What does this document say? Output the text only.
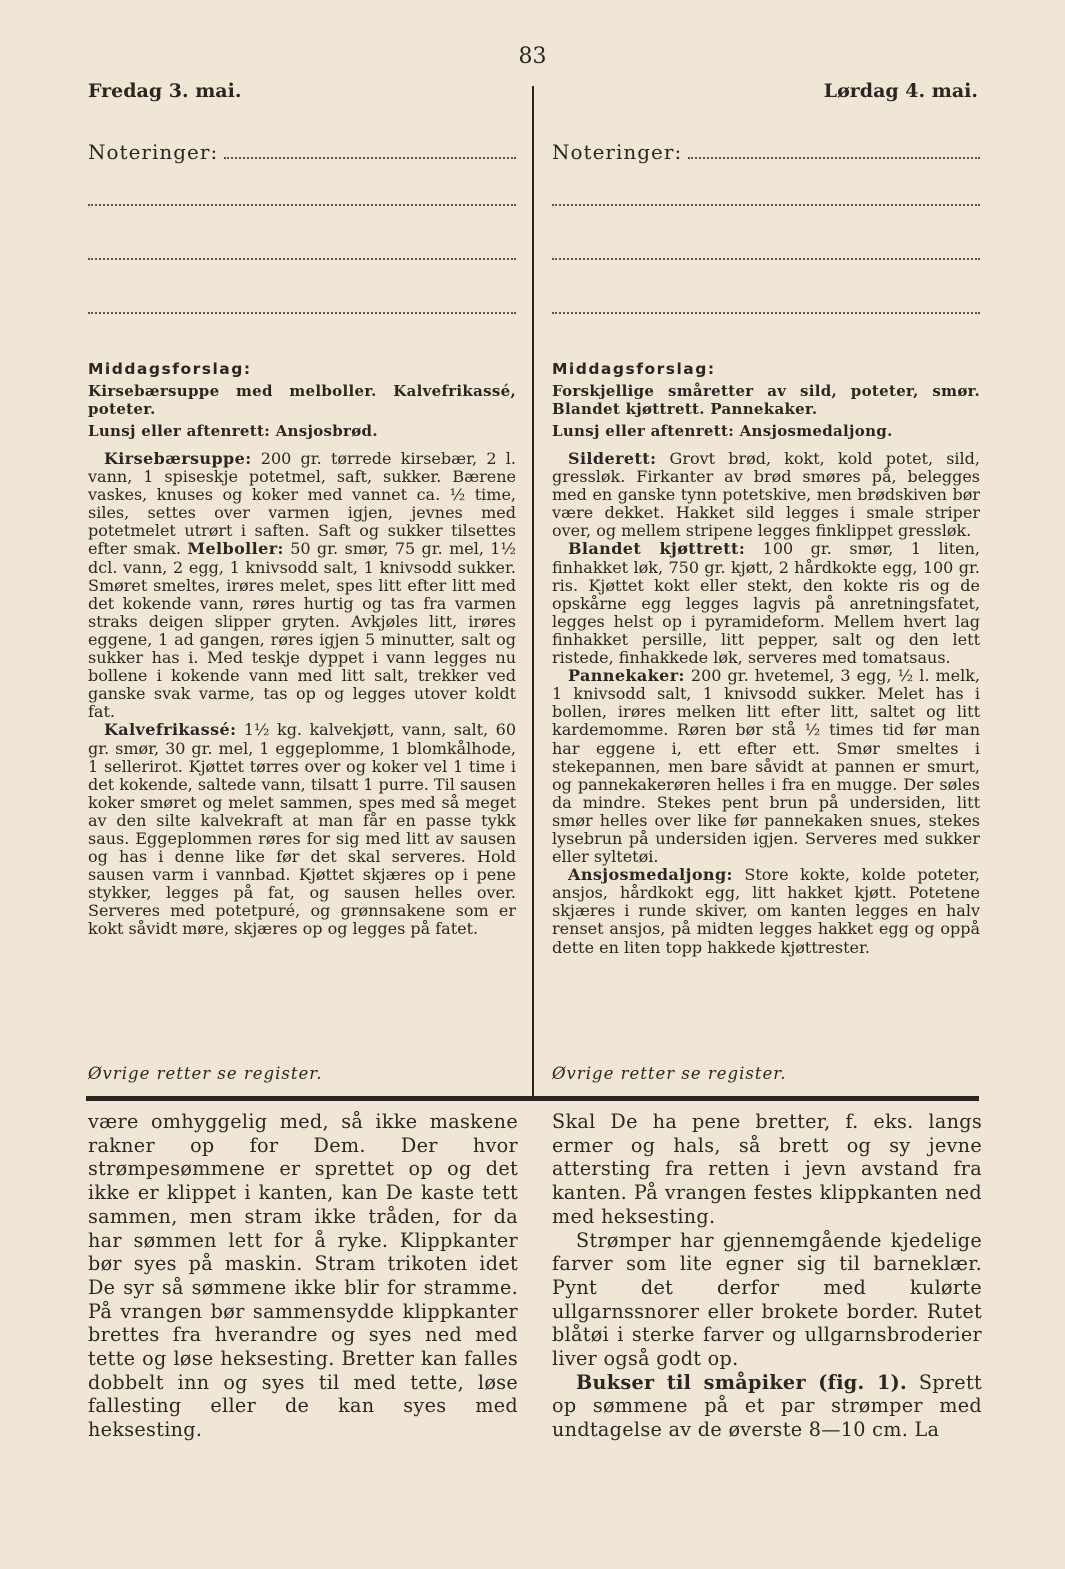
83
Fredag 3. mai.	Lørdag 4. mai.
Noteringer:
Middagsforslag:
Kirsebærsuppe med melboller. Kalvefrikassé, poteter.
Lunsj eller aftenrett: Ansjosbrød.

Kirsebærsuppe: 200 gr. tørrede kirsebær, 2 l. vann, 1 spiseskje potetmel, saft, sukker. Bærene vaskes, knuses og koker med vannet ca. ½ time, siles, settes over varmen igjen, jevnes med potetmelet utrørt i saften. Saft og sukker tilsettes efter smak. Melboller: 50 gr. smør, 75 gr. mel, 1½ dcl. vann, 2 egg, 1 knivsodd salt, 1 knivsodd sukker. Smøret smeltes, irøres melet, spes litt efter litt med det kokende vann, røres hurtig og tas fra varmen straks deigen slipper gryten. Avkjøles litt, irøres eggene, 1 ad gangen, røres igjen 5 minutter, salt og sukker has i. Med teskje dyppet i vann legges nu bollene i kokende vann med litt salt, trekker ved ganske svak varme, tas op og legges utover koldt fat.

Kalvefrikassé: 1½ kg. kalvekjøtt, vann, salt, 60 gr. smør, 30 gr. mel, 1 eggeplomme, 1 blomkålhode, 1 sellerirot. Kjøttet tørres over og koker vel 1 time i det kokende, saltede vann, tilsatt 1 purre. Til sausen koker smøret og melet sammen, spes med så meget av den silte kalvekraft at man får en passe tykk saus. Eggeplommen røres for sig med litt av sausen og has i denne like før det skal serveres. Hold sausen varm i vannbad. Kjøttet skjæres op i pene stykker, legges på fat, og sausen helles over. Serveres med potetpuré, og grønnsakene som er kokt såvidt møre, skjæres op og legges på fatet.

Noteringer:
Middagsforslag:
Forskjellige småretter av sild, poteter, smør. Blandet kjøttrett. Pannekaker.
Lunsj eller aftenrett: Ansjosmedaljong.

Silderett: Grovt brød, kokt, kold potet, sild, gressløk. Firkanter av brød smøres på, belegges med en ganske tynn potetskive, men brødskiven bør være dekket. Hakket sild legges i smale striper over, og mellem stripene legges finklippet gressløk.

Blandet kjøttrett: 100 gr. smør, 1 liten, finhakket løk, 750 gr. kjøtt, 2 hårdkokte egg, 100 gr. ris. Kjøttet kokt eller stekt, den kokte ris og de opskårne egg legges lagvis på anretningsfatet, legges helst op i pyramideform. Mellem hvert lag finhakket persille, litt pepper, salt og den lett ristede, finhakkede løk, serveres med tomatsaus.

Pannekaker: 200 gr. hvetemel, 3 egg, ½ l. melk, 1 knivsodd salt, 1 knivsodd sukker. Melet has i bollen, irøres melken litt efter litt, saltet og litt kardemomme. Røren bør stå ½ times tid før man har eggene i, ett efter ett. Smør smeltes i stekepannen, men bare såvidt at pannen er smurt, og pannekakerøren helles i fra en mugge. Der søles da mindre. Stekes pent brun på undersiden, litt smør helles over like før pannekaken snues, stekes lysebrun på undersiden igjen. Serveres med sukker eller syltetøi.

Ansjosmedaljong: Store kokte, kolde poteter, ansjos, hårdkokt egg, litt hakket kjøtt. Potetene skjæres i runde skiver, om kanten legges en halv renset ansjos, på midten legges hakket egg og oppå dette en liten topp hakkede kjøttrester.

Øvrige retter se register.	Øvrige retter se register.

være omhyggelig med, så ikke maskene rakner op for Dem. Der hvor strømpesømmene er sprettet op og det ikke er klippet i kanten, kan De kaste tett sammen, men stram ikke tråden, for da har sømmen lett for å ryke. Klippkanter bør syes på maskin. Stram trikoten idet De syr så sømmene ikke blir for stramme. På vrangen bør sammensydde klippkanter brettes fra hverandre og syes ned med tette og løse heksesting. Bretter kan falles dobbelt inn og syes til med tette, løse fallesting eller de kan syes med heksesting.

Skal De ha pene bretter, f. eks. langs ermer og hals, så brett og sy jevne attersting fra retten i jevn avstand fra kanten. På vrangen festes klippkanten ned med heksesting.

Strømper har gjennemgående kjedelige farver som lite egner sig til barneklær. Pynt det derfor med kulørte ullgarnssnorer eller brokete border. Rutet blåtøi i sterke farver og ullgarnsbroderier liver også godt op.

Bukser til småpiker (fig. 1). Sprett op sømmene på et par strømper med undtagelse av de øverste 8—10 cm. La
